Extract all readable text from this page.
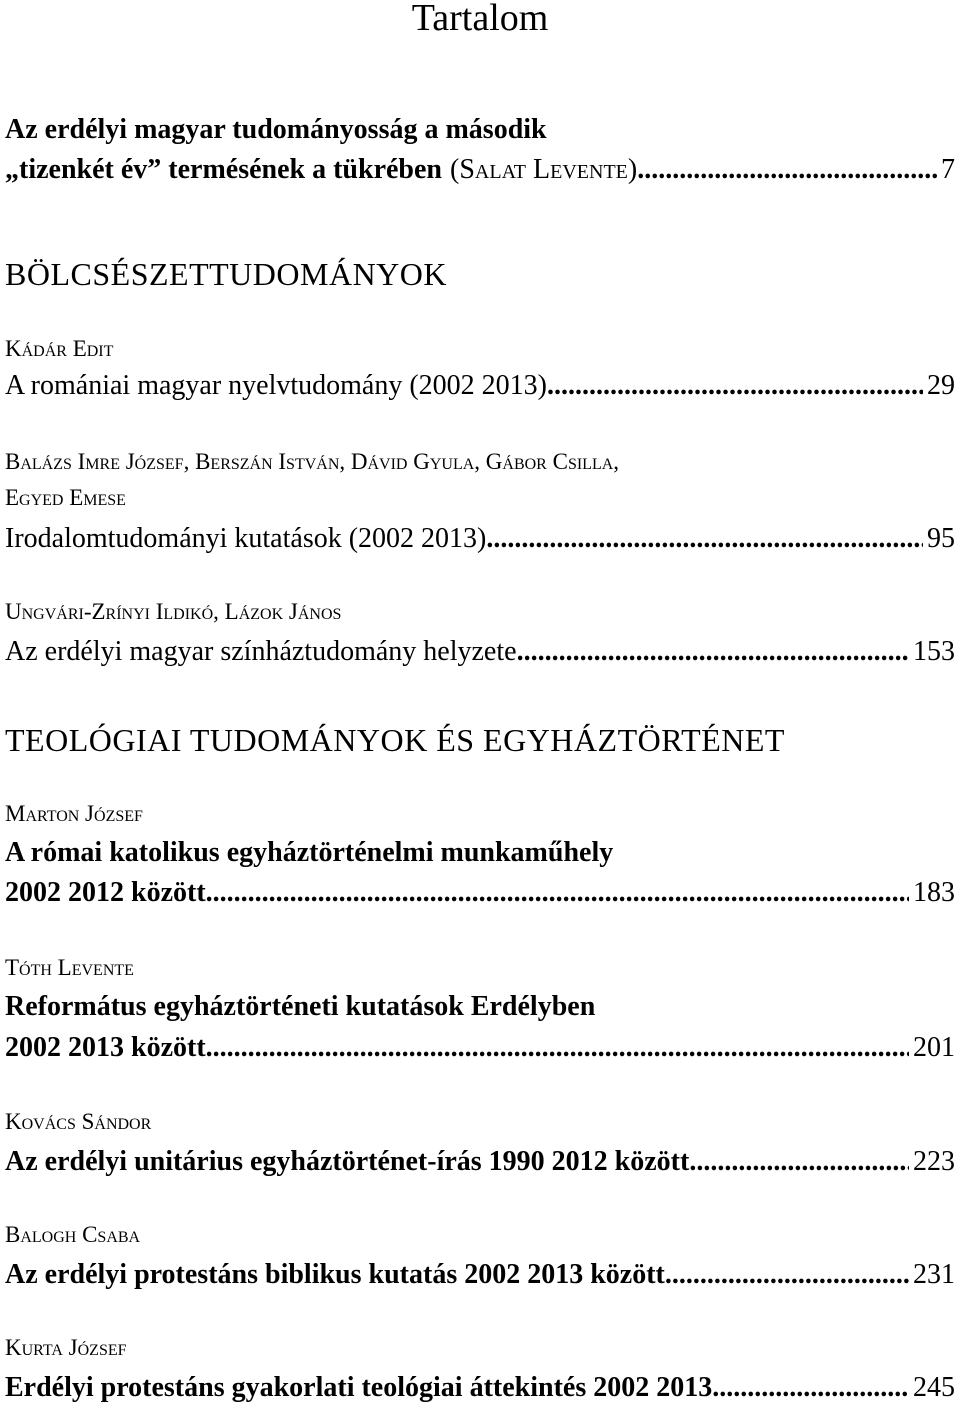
Tartalom
Az erdélyi magyar tudományosság a második
„tizenkét év” termésének a tükrében (Salat Levente) .....	7
BÖLCSÉSZETTUDOMÁNYOK
Kádár Edit
A romániai magyar nyelvtudomány (2002 2013) .....	29
Balázs Imre József, Berszán István, Dávid Gyula, Gábor Csilla,
Egyed Emese
Irodalomtudományi kutatások (2002 2013) .....	95
Ungvári-Zrínyi Ildikó, Lázok János
Az erdélyi magyar színháztudomány helyzete .....	153
TEOLÓGIAI TUDOMÁNYOK ÉS EGYHÁZTÖRTÉNET
Marton József
A római katolikus egyháztörténelmi munkaműhely
2002 2012 között .....	183
Tóth Levente
Református egyháztörténeti kutatások Erdélyben
2002 2013 között .....	201
Kovács Sándor
Az erdélyi unitárius egyháztörténet-írás 1990 2012 között .....	223
Balogh Csaba
Az erdélyi protestáns biblikus kutatás 2002 2013 között .....	231
Kurta József
Erdélyi protestáns gyakorlati teológiai áttekintés 2002 2013. .....	245
